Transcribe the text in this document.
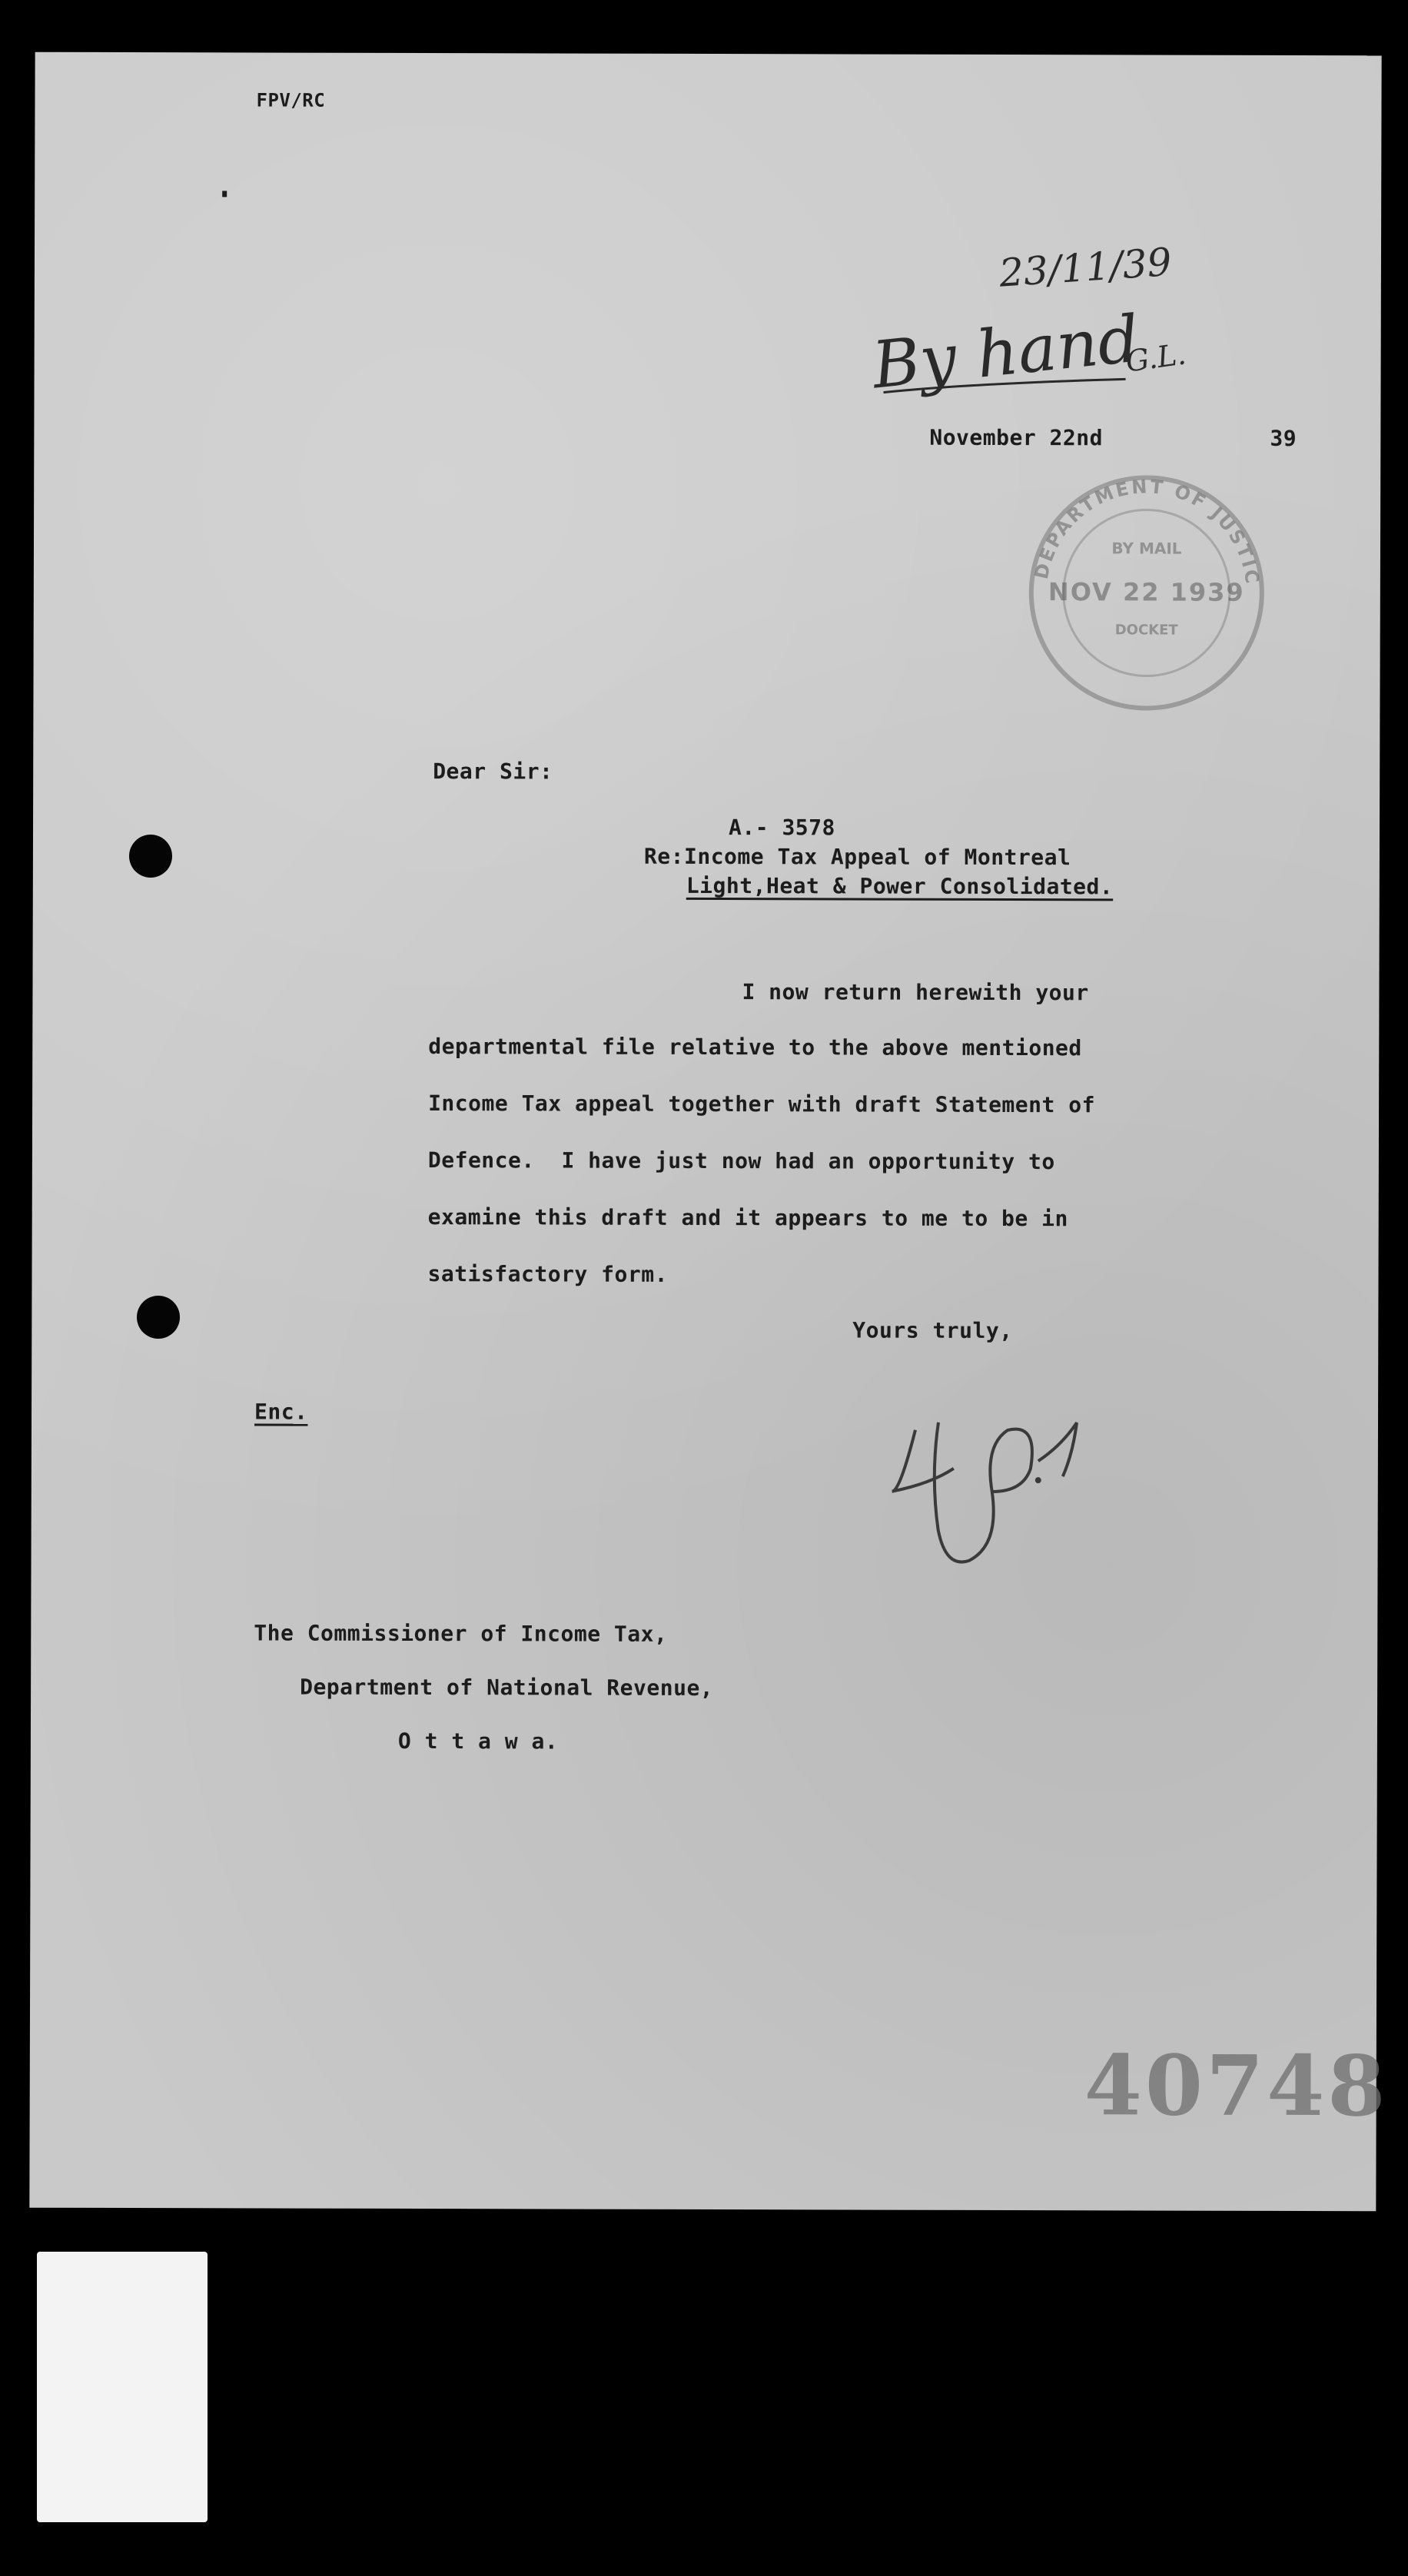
FPV/RC
23/11/39
By hand
G.L.
November 22nd	39
DEPARTMENT OF JUSTICE
BY MAIL
NOV 22 1939
DOCKET
Dear Sir:
A.- 3578
Re:Income Tax Appeal of Montreal
Light,Heat & Power Consolidated.
I now return herewith your
departmental file relative to the above mentioned
Income Tax appeal together with draft Statement of
Defence.  I have just now had an opportunity to
examine this draft and it appears to me to be in
satisfactory form.
Yours truly,
Enc.
The Commissioner of Income Tax,
Department of National Revenue,
O t t a w a.
40748
